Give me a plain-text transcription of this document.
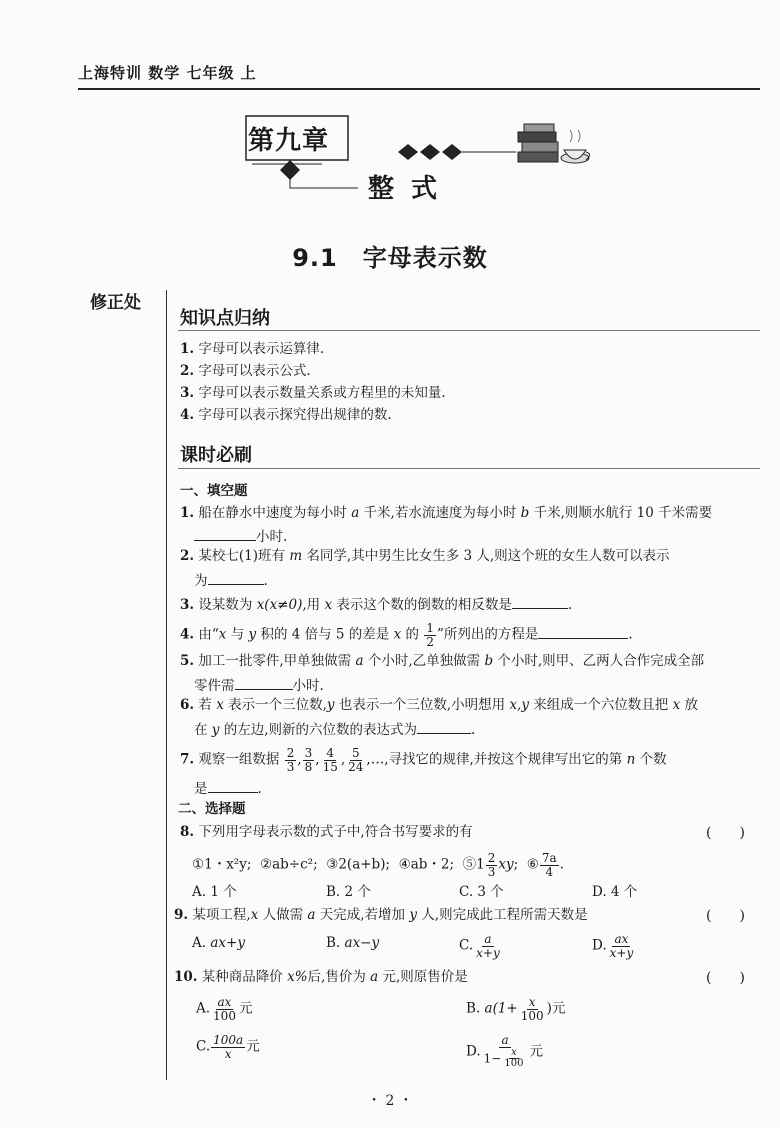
上海特训 数学 七年级 上
第九章
整 式
9.1　字母表示数
修正处
知识点归纳
1. 字母可以表示运算律.
2. 字母可以表示公式.
3. 字母可以表示数量关系或方程里的未知量.
4. 字母可以表示探究得出规律的数.
课时必刷
一、填空题
1. 船在静水中速度为每小时 a 千米,若水流速度为每小时 b 千米,则顺水航行 10 千米需要
小时.
2. 某校七(1)班有 m 名同学,其中男生比女生多 3 人,则这个班的女生人数可以表示
为	.
3. 设某数为 x(x≠0),用 x 表示这个数的倒数的相反数是	.
4. 由“x 与 y 积的 4 倍与 5 的差是 x 的 $\frac{1}{2}$ ”所列出的方程是	.
5. 加工一批零件,甲单独做需 a 个小时,乙单独做需 b 个小时,则甲、乙两人合作完成全部
零件需	小时.
6. 若 x 表示一个三位数,y 也表示一个三位数,小明想用 x,y 来组成一个六位数且把 x 放
在 y 的左边,则新的六位数的表达式为	.
7. 观察一组数据 $\frac{2}{3}$ , $\frac{3}{8}$ , $\frac{4}{15}$ , $\frac{5}{24}$ ,…,寻找它的规律,并按这个规律写出它的第 n 个数
是	.
二、选择题
8. 下列用字母表示数的式子中,符合书写要求的有	(　　)
①1・x²y; ②ab÷c²; ③2(a+b); ④ab・2; ⑤1 $\frac{2}{3}$ xy;  ⑥ $\frac{7a}{4}$ .
A. 1 个	B. 2 个	C. 3 个	D. 4 个
9. 某项工程,x 人做需 a 天完成,若增加 y 人,则完成此工程所需天数是	(　　)
A. ax+y	B. ax−y	C. $\frac{a}{x+y}$	D. $\frac{ax}{x+y}$
10. 某种商品降价 x%后,售价为 a 元,则原售价是	(　　)
A. $\frac{ax}{100}$ 元	B. $a(1+ \frac{x}{100}$ )元
C. $\frac{100a}{x}$ 元	D. $\frac{a}{1- \frac{x}{100}}$ 元
・ 2 ・
